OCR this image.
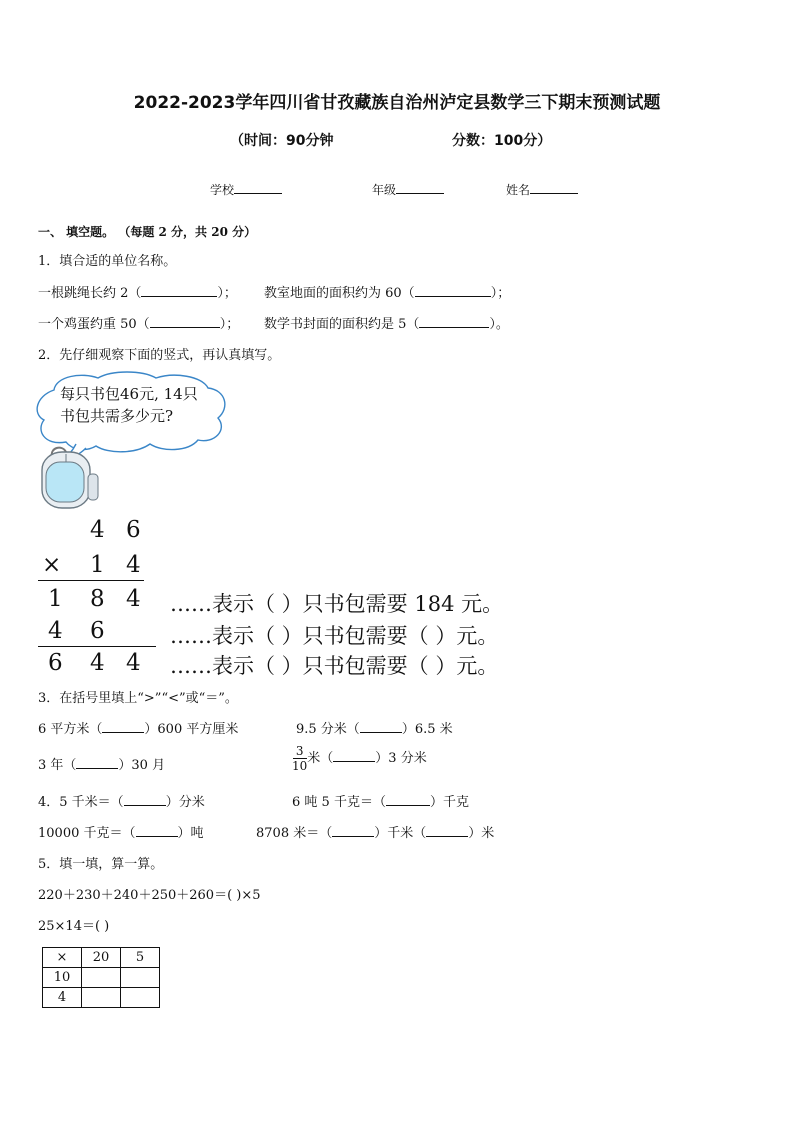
2022-2023学年四川省甘孜藏族自治州泸定县数学三下期末预测试题
（时间：90分钟	分数：100分）
学校	年级	姓名
一、 填空题。 （每题 2 分，共 20 分）
1．填合适的单位名称。
一根跳绳长约 2（	）； 教室地面的面积约为 60（	）；
一个鸡蛋约重 50（	）； 数学书封面的面积约是 5（	）。
2．先仔细观察下面的竖式，再认真填写。
每只书包46元, 14只
书包共需多少元?
4 6
× 1 4
1 8 4 ……表示（ ）只书包需要 184 元。
4 6	……表示（ ）只书包需要（ ）元。
6 4 4 ……表示（ ）只书包需要（ ）元。
3．在括号里填上“>”“<”或“＝”。
6 平方米（	）600 平方厘米	9.5 分米（	）6.5 米
3 年（	）30 月	$\frac{3}{10}$ 米（	）3 分米
4．5 千米＝（	）分米	6 吨 5 千克＝（	）千克
10000 千克＝（	）吨	8708 米＝（	）千米（	）米
5．填一填，算一算。
220＋230＋240＋250＋260＝( )×5
25×14＝( )
×	20	5
10		
4		
